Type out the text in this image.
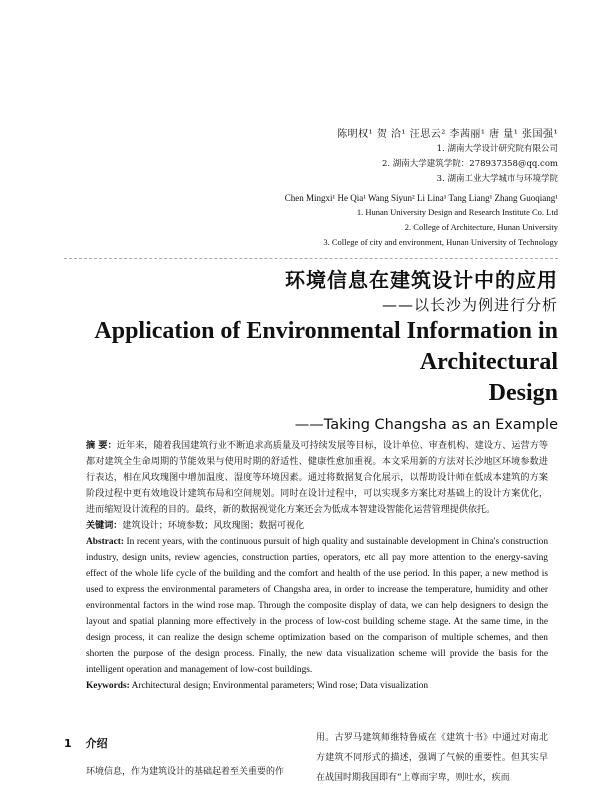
陈明权¹ 贺 洽¹ 汪思云² 李茜丽¹ 唐 量¹ 张国强¹
1. 湖南大学设计研究院有限公司
2. 湖南大学建筑学院：278937358@qq.com
3. 湖南工业大学城市与环境学院
Chen Mingxi¹ He Qia¹ Wang Siyun² Li Lina¹ Tang Liang¹ Zhang Guoqiang¹
1. Hunan University Design and Research Institute Co. Ltd
2. College of Architecture, Hunan University
3. College of city and environment, Hunan University of Technology
环境信息在建筑设计中的应用
——以长沙为例进行分析
Application of Environmental Information in Architectural
Design
——Taking Changsha as an Example

摘 要：近年来，随着我国建筑行业不断追求高质量及可持续发展等目标，设计单位、审查机构、建设方、运营方等都对建筑全生命周期的节能效果与使用时期的舒适性、健康性愈加重视。本文采用新的方法对长沙地区环境参数进行表达，相在风玫瑰图中增加温度、湿度等环境因素。通过将数据复合化展示，以帮助设计师在低成本建筑的方案阶段过程中更有效地设计建筑布局和空间规划。同时在设计过程中，可以实现多方案比对基础上的设计方案优化，进而缩短设计流程的目的。最终，新的数据视觉化方案还会为低成本智建设智能化运营管理提供依托。

关键词：建筑设计；环境参数；风玫瑰图；数据可视化

Abstract: In recent years, with the continuous pursuit of high quality and sustainable development in China's construction industry, design units, review agencies, construction parties, operators, etc all pay more attention to the energy-saving effect of the whole life cycle of the building and the comfort and health of the use period. In this paper, a new method is used to express the environmental parameters of Changsha area, in order to increase the temperature, humidity and other environmental factors in the wind rose map. Through the composite display of data, we can help designers to design the layout and spatial planning more effectively in the process of low-cost building scheme stage. At the same time, in the design process, it can realize the design scheme optimization based on the comparison of multiple schemes, and then shorten the purpose of the design process. Finally, the new data visualization scheme will provide the basis for the intelligent operation and management of low-cost buildings.

Keywords: Architectural design; Environmental parameters; Wind rose; Data visualization

1 介绍
环境信息，作为建筑设计的基础起着至关重要的作
用。古罗马建筑师维特鲁威在《建筑十书》中通过对南北方建筑不同形式的描述，强调了气候的重要性。但其实早在战国时期我国即有“上尊而宇卑，则吐水，疾而
